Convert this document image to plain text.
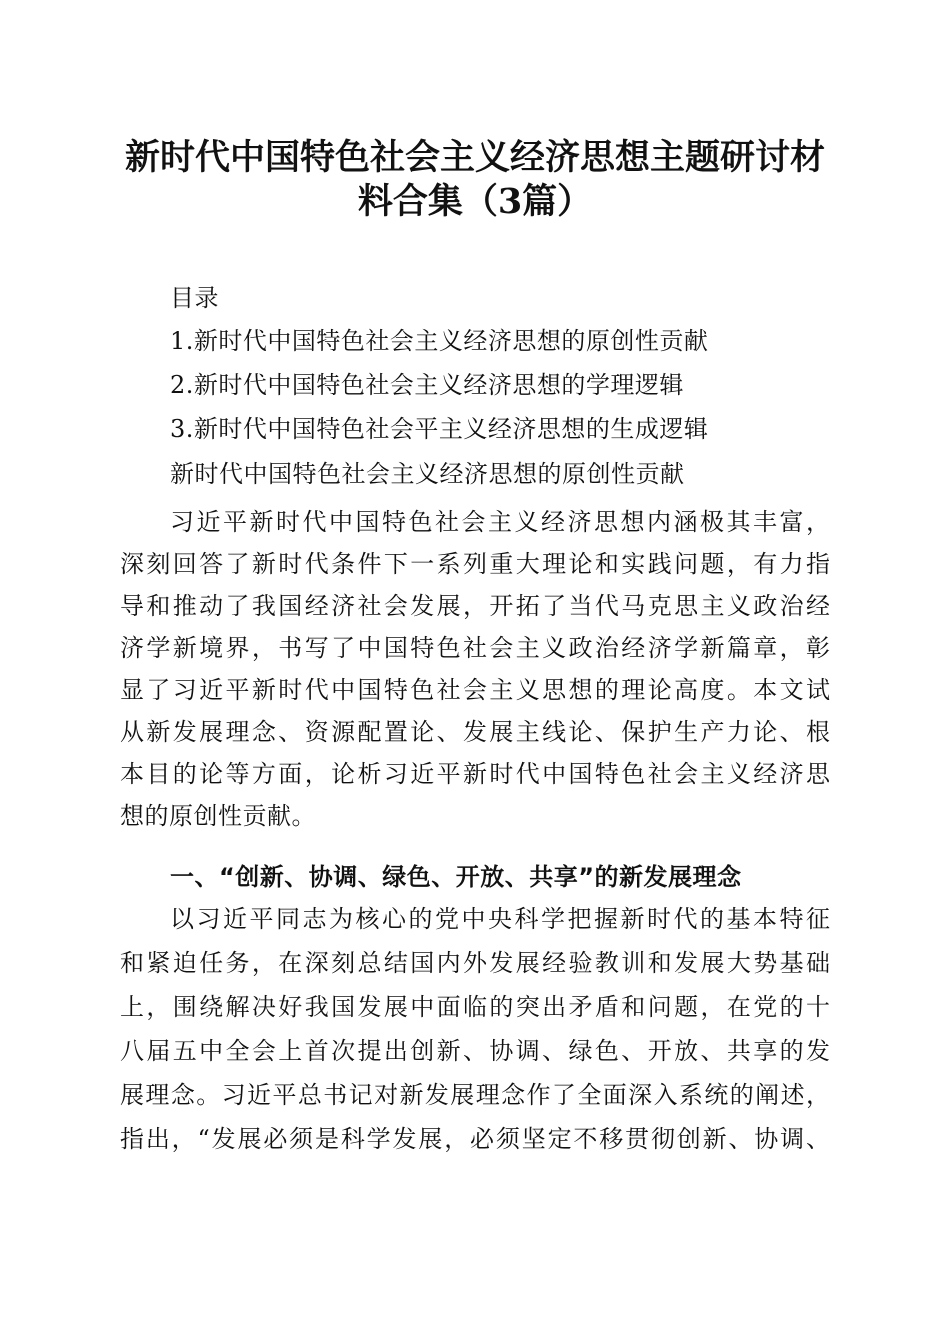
新时代中国特色社会主义经济思想主题研讨材
料合集（3篇）
目录
1.新时代中国特色社会主义经济思想的原创性贡献
2.新时代中国特色社会主义经济思想的学理逻辑
3.新时代中国特色社会平主义经济思想的生成逻辑
新时代中国特色社会主义经济思想的原创性贡献
习近平新时代中国特色社会主义经济思想内涵极其丰富，
深刻回答了新时代条件下一系列重大理论和实践问题，有力指
导和推动了我国经济社会发展，开拓了当代马克思主义政治经
济学新境界，书写了中国特色社会主义政治经济学新篇章，彰
显了习近平新时代中国特色社会主义思想的理论高度。本文试
从新发展理念、资源配置论、发展主线论、保护生产力论、根
本目的论等方面，论析习近平新时代中国特色社会主义经济思
想的原创性贡献。
一、“创新、协调、绿色、开放、共享”的新发展理念
以习近平同志为核心的党中央科学把握新时代的基本特征
和紧迫任务，在深刻总结国内外发展经验教训和发展大势基础
上，围绕解决好我国发展中面临的突出矛盾和问题，在党的十
八届五中全会上首次提出创新、协调、绿色、开放、共享的发
展理念。习近平总书记对新发展理念作了全面深入系统的阐述，
指出，“发展必须是科学发展，必须坚定不移贯彻创新、协调、
